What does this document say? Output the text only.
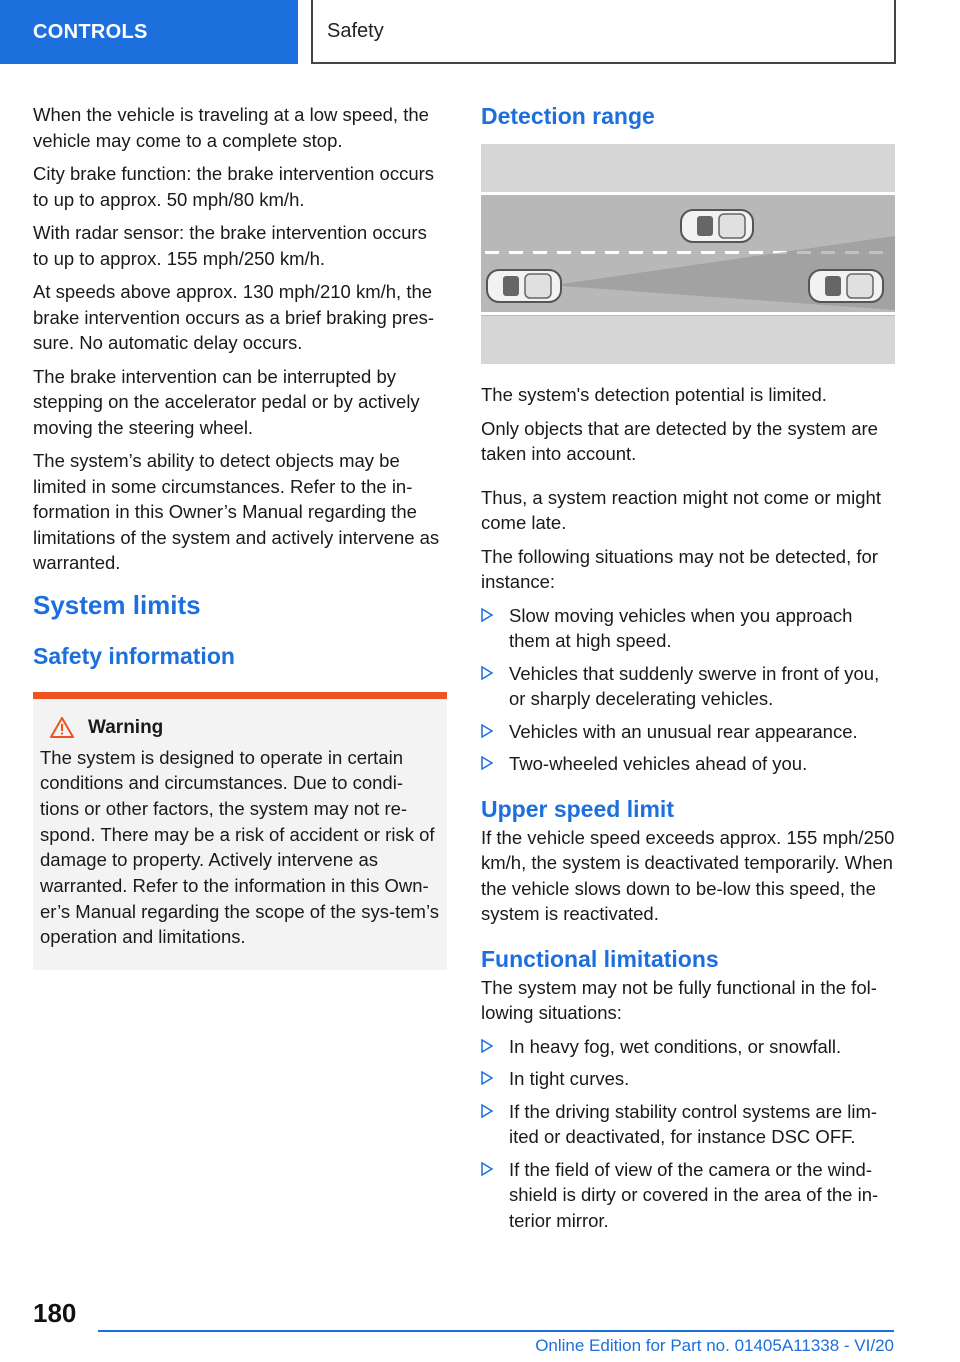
CONTROLS	Safety

When the vehicle is traveling at a low speed, the vehicle may come to a complete stop.

City brake function: the brake intervention occurs to up to approx. 50 mph/80 km/h.

With radar sensor: the brake intervention occurs to up to approx. 155 mph/250 km/h.

At speeds above approx. 130 mph/210 km/h, the brake intervention occurs as a brief braking pres‐sure. No automatic delay occurs.

The brake intervention can be interrupted by stepping on the accelerator pedal or by actively moving the steering wheel.

The system’s ability to detect objects may be limited in some circumstances. Refer to the in‐formation in this Owner’s Manual regarding the limitations of the system and actively intervene as warranted.

System limits
Safety information
Warning

The system is designed to operate in certain conditions and circumstances. Due to condi‐tions or other factors, the system may not re‐spond. There may be a risk of accident or risk of damage to property. Actively intervene as warranted. Refer to the information in this Own‐er’s Manual regarding the scope of the sys‐tem’s operation and limitations.

Detection range

The system's detection potential is limited.

Only objects that are detected by the system are taken into account.

Thus, a system reaction might not come or might come late.

The following situations may not be detected, for instance:

Slow moving vehicles when you approach them at high speed.
Vehicles that suddenly swerve in front of you, or sharply decelerating vehicles.
Vehicles with an unusual rear appearance.
Two-wheeled vehicles ahead of you.
Upper speed limit

If the vehicle speed exceeds approx. 155 mph/250 km/h, the system is deactivated temporarily. When the vehicle slows down to be‐low this speed, the system is reactivated.

Functional limitations

The system may not be fully functional in the fol‐lowing situations:

In heavy fog, wet conditions, or snowfall.
In tight curves.
If the driving stability control systems are lim‐ited or deactivated, for instance DSC OFF.
If the field of view of the camera or the wind‐shield is dirty or covered in the area of the in‐terior mirror.
180
Online Edition for Part no. 01405A11338 - VI/20
